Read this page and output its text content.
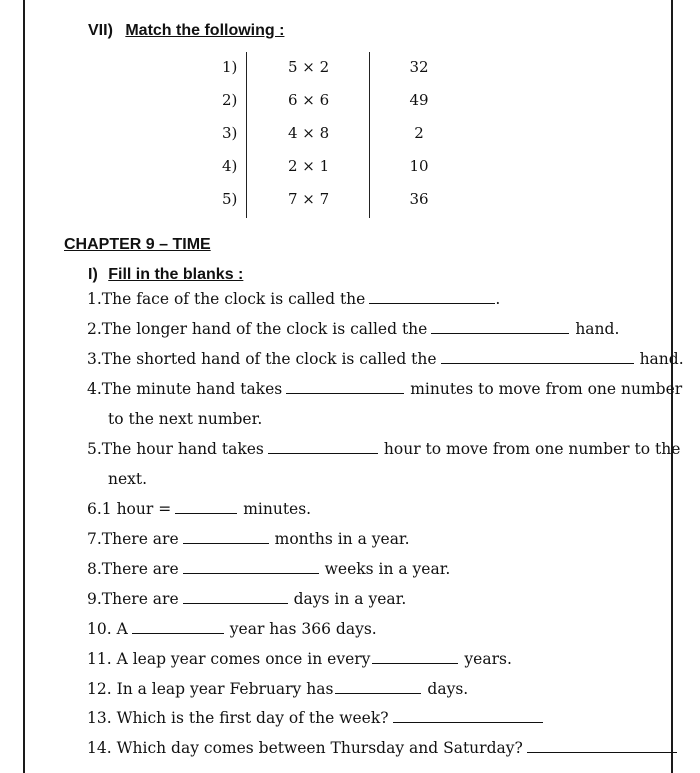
VII) Match the following :
1)	5 × 2	32
2)	6 × 6	49
3)	4 × 8	2
4)	2 × 1	10
5)	7 × 7	36
CHAPTER 9 – TIME
I) Fill in the blanks :
1.The face of the clock is called the	.
2.The longer hand of the clock is called the	hand.
3.The shorted hand of the clock is called the	hand.
4.The minute hand takes	minutes to move from one number
to the next number.
5.The hour hand takes	hour to move from one number to the
next.
6.1 hour =	minutes.
7.There are	months in a year.
8.There are	weeks in a year.
9.There are	days in a year.
10. A	year has 366 days.
11. A leap year comes once in every	years.
12. In a leap year February has	days.
13. Which is the first day of the week?
14. Which day comes between Thursday and Saturday?
